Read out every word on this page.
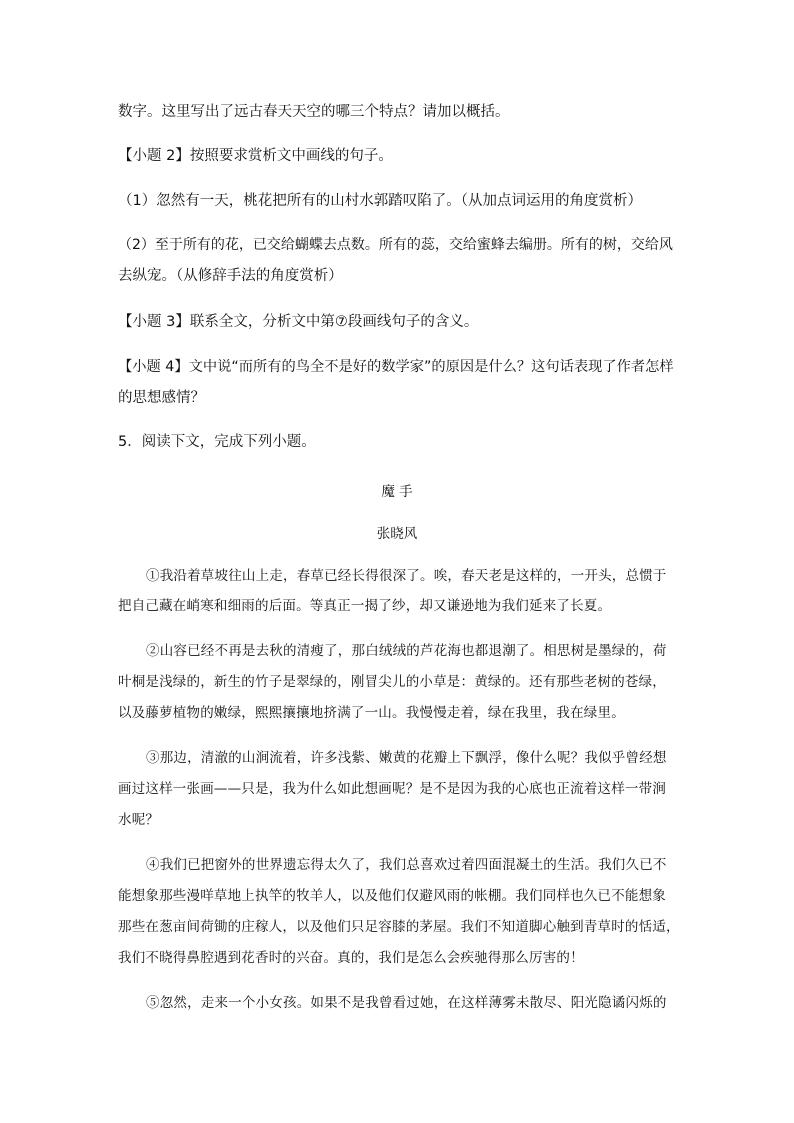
数字。这里写出了远古春天天空的哪三个特点？请加以概括。

【小题 2】按照要求赏析文中画线的句子。

（1）忽然有一天，桃花把所有的山村水郭踏叹陷了。（从加点词运用的角度赏析）

（2）至于所有的花，已交给蝴蝶去点数。所有的蕊，交给蜜蜂去编册。所有的树，交给风

去纵宠。（从修辞手法的角度赏析）

【小题 3】联系全文，分析文中第⑦段画线句子的含义。

【小题 4】文中说“而所有的鸟全不是好的数学家”的原因是什么？这句话表现了作者怎样

的思想感情？

5．阅读下文，完成下列小题。

魔 手

张晓风

①我沿着草坡往山上走，春草已经长得很深了。唉，春天老是这样的，一开头，总惯于

把自己藏在峭寒和细雨的后面。等真正一揭了纱，却又谦逊地为我们延来了长夏。

②山容已经不再是去秋的清瘦了，那白绒绒的芦花海也都退潮了。相思树是墨绿的，荷

叶桐是浅绿的，新生的竹子是翠绿的，刚冒尖儿的小草是：黄绿的。还有那些老树的苍绿，

以及藤萝植物的嫩绿，熙熙攘攘地挤满了一山。我慢慢走着，绿在我里，我在绿里。

③那边，清澈的山涧流着，许多浅紫、嫩黄的花瓣上下飘浮，像什么呢？我似乎曾经想

画过这样一张画——只是，我为什么如此想画呢？是不是因为我的心底也正流着这样一带涧

水呢？

④我们已把窗外的世界遗忘得太久了，我们总喜欢过着四面混凝土的生活。我们久已不

能想象那些漫咩草地上执竿的牧羊人，以及他们仅避风雨的帐棚。我们同样也久已不能想象

那些在葱亩间荷锄的庄稼人，以及他们只足容膝的茅屋。我们不知道脚心触到青草时的恬适，

我们不晓得鼻腔遇到花香时的兴奋。真的，我们是怎么会疾驰得那么厉害的！

⑤忽然，走来一个小女孩。如果不是我曾看过她，在这样薄雾未散尽、阳光隐谲闪烁的
